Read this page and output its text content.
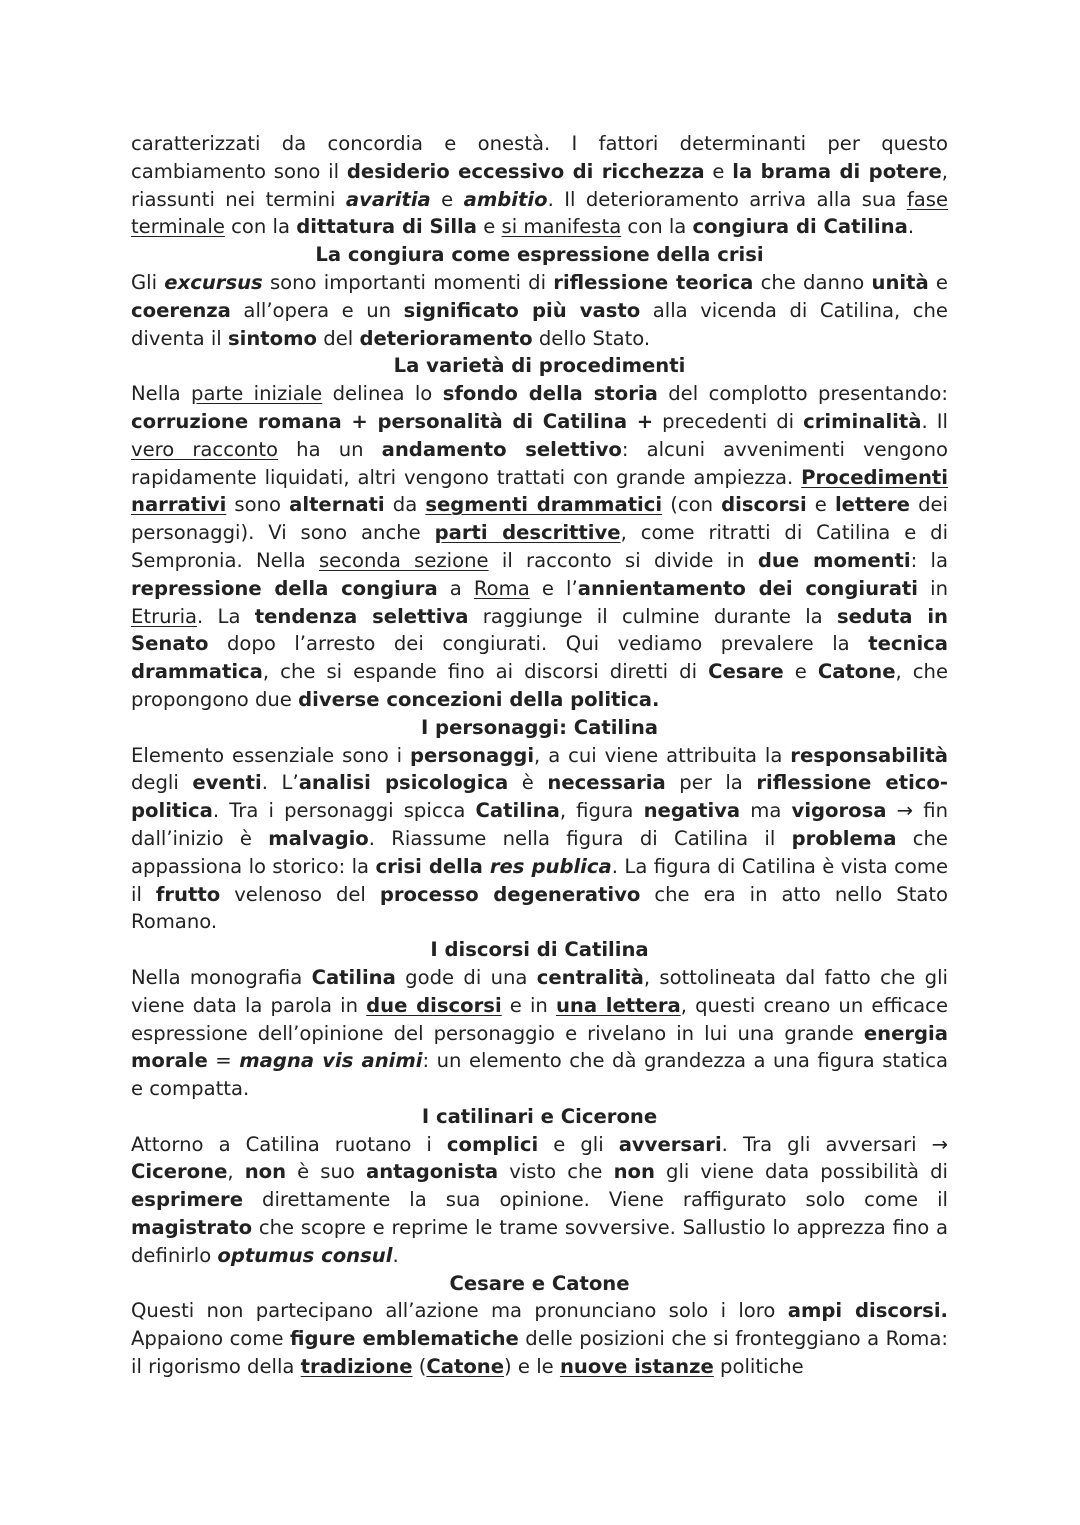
caratterizzati da concordia e onestà. I fattori determinanti per questo cambiamento sono il desiderio eccessivo di ricchezza e la brama di potere, riassunti nei termini avaritia e ambitio. Il deterioramento arriva alla sua fase terminale con la dittatura di Silla e si manifesta con la congiura di Catilina.
La congiura come espressione della crisi
Gli excursus sono importanti momenti di riflessione teorica che danno unità e coerenza all’opera e un significato più vasto alla vicenda di Catilina, che diventa il sintomo del deterioramento dello Stato.
La varietà di procedimenti
Nella parte iniziale delinea lo sfondo della storia del complotto presentando: corruzione romana + personalità di Catilina + precedenti di criminalità. Il vero racconto ha un andamento selettivo: alcuni avvenimenti vengono rapidamente liquidati, altri vengono trattati con grande ampiezza. Procedimenti narrativi sono alternati da segmenti drammatici (con discorsi e lettere dei personaggi). Vi sono anche parti descrittive, come ritratti di Catilina e di Sempronia. Nella seconda sezione il racconto si divide in due momenti: la repressione della congiura a Roma e l’annientamento dei congiurati in Etruria. La tendenza selettiva raggiunge il culmine durante la seduta in Senato dopo l’arresto dei congiurati. Qui vediamo prevalere la tecnica drammatica, che si espande fino ai discorsi diretti di Cesare e Catone, che propongono due diverse concezioni della politica.
I personaggi: Catilina
Elemento essenziale sono i personaggi, a cui viene attribuita la responsabilità degli eventi. L’analisi psicologica è necessaria per la riflessione etico-politica. Tra i personaggi spicca Catilina, figura negativa ma vigorosa → fin dall’inizio è malvagio. Riassume nella figura di Catilina il problema che appassiona lo storico: la crisi della res publica. La figura di Catilina è vista come il frutto velenoso del processo degenerativo che era in atto nello Stato Romano.
I discorsi di Catilina
Nella monografia Catilina gode di una centralità, sottolineata dal fatto che gli viene data la parola in due discorsi e in una lettera, questi creano un efficace espressione dell’opinione del personaggio e rivelano in lui una grande energia morale = magna vis animi: un elemento che dà grandezza a una figura statica e compatta.
I catilinari e Cicerone
Attorno a Catilina ruotano i complici e gli avversari. Tra gli avversari → Cicerone, non è suo antagonista visto che non gli viene data possibilità di esprimere direttamente la sua opinione. Viene raffigurato solo come il magistrato che scopre e reprime le trame sovversive. Sallustio lo apprezza fino a definirlo optumus consul.
Cesare e Catone
Questi non partecipano all’azione ma pronunciano solo i loro ampi discorsi. Appaiono come figure emblematiche delle posizioni che si fronteggiano a Roma: il rigorismo della tradizione (Catone) e le nuove istanze politiche
